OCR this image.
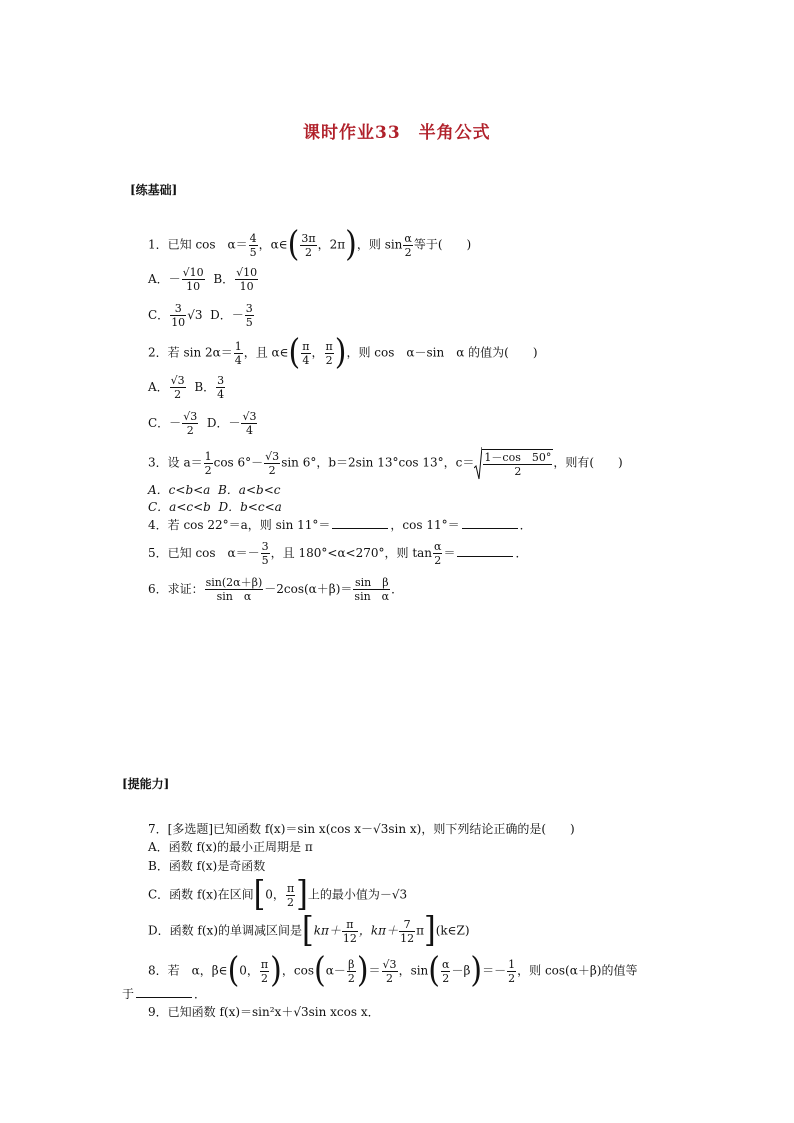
课时作业33　半角公式
[练基础]
1．已知 cos　$\alpha= \frac{4}{5}$ ，α∈( $\frac{3\pi}{2}$ ，2π)，则 $\sin \frac{\alpha}{2}$ 等于(　　)
A．－ $\frac{√10}{10}$ B． $\frac{√10}{10}$
C． $\frac{3}{10} √3$ D．－ $\frac{3}{5}$
2．若 $\sin 2\alpha= \frac{1}{4}$ ，且 α∈( $\frac{\pi}{4}$ ， $\frac{\pi}{2}$ )，则 cos　α－sin　α 的值为(　　)
A． $\frac{√3}{2}$ B． $\frac{3}{4}$
C．－ $\frac{√3}{2}$ D．－ $\frac{√3}{4}$
3．设 $a= \frac{1}{2}$ $\cos 6^\circ- \frac{√3}{2}$ sin 6°，b＝2sin 13°cos 13°，$c= \frac{1-\cos 50^\circ}{2}$ ，则有(　　)
A．c<b<a B．a<b<c
C．a<c<b D．b<c<a
4．若 cos 22°＝a，则 sin 11°＝	，cos 11°＝	．
5．已知 cos　$\alpha=- \frac{3}{5}$ ，且 180°<α<270°，则 $\tan \frac{\alpha}{2}$ ＝	．
6．求证： $\frac{\sin(2\alpha+\beta)}{\text{sin　α}} -2\cos(\alpha+\beta)= \frac{\text{sin　β}}{\text{sin　α}}$ ．
[提能力]
7．[多选题]已知函数 f(x)＝sin x(cos x－√3sin x)，则下列结论正确的是(　　)
A．函数 f(x)的最小正周期是 π
B．函数 f(x)是奇函数
C．函数 f(x)在区间[0， $\frac{\pi}{2}$ ]上的最小值为－√3
D．函数 f(x)的单调减区间是[$k\pi+ \frac{\pi}{12}$ ，$k\pi+ \frac{7}{12}$ π](k∈Z)
8．若　α，β∈(0， $\frac{\pi}{2}$ )，$\cos(\alpha- \frac{\beta}{2}$ )＝ $\frac{√3}{2}$ ，$\sin( \frac{\alpha}{2} -\beta)=- \frac{1}{2}$ ，则 cos(α＋β)的值等
于	．
9．已知函数 f(x)＝sin²x＋√3sin xcos x．
